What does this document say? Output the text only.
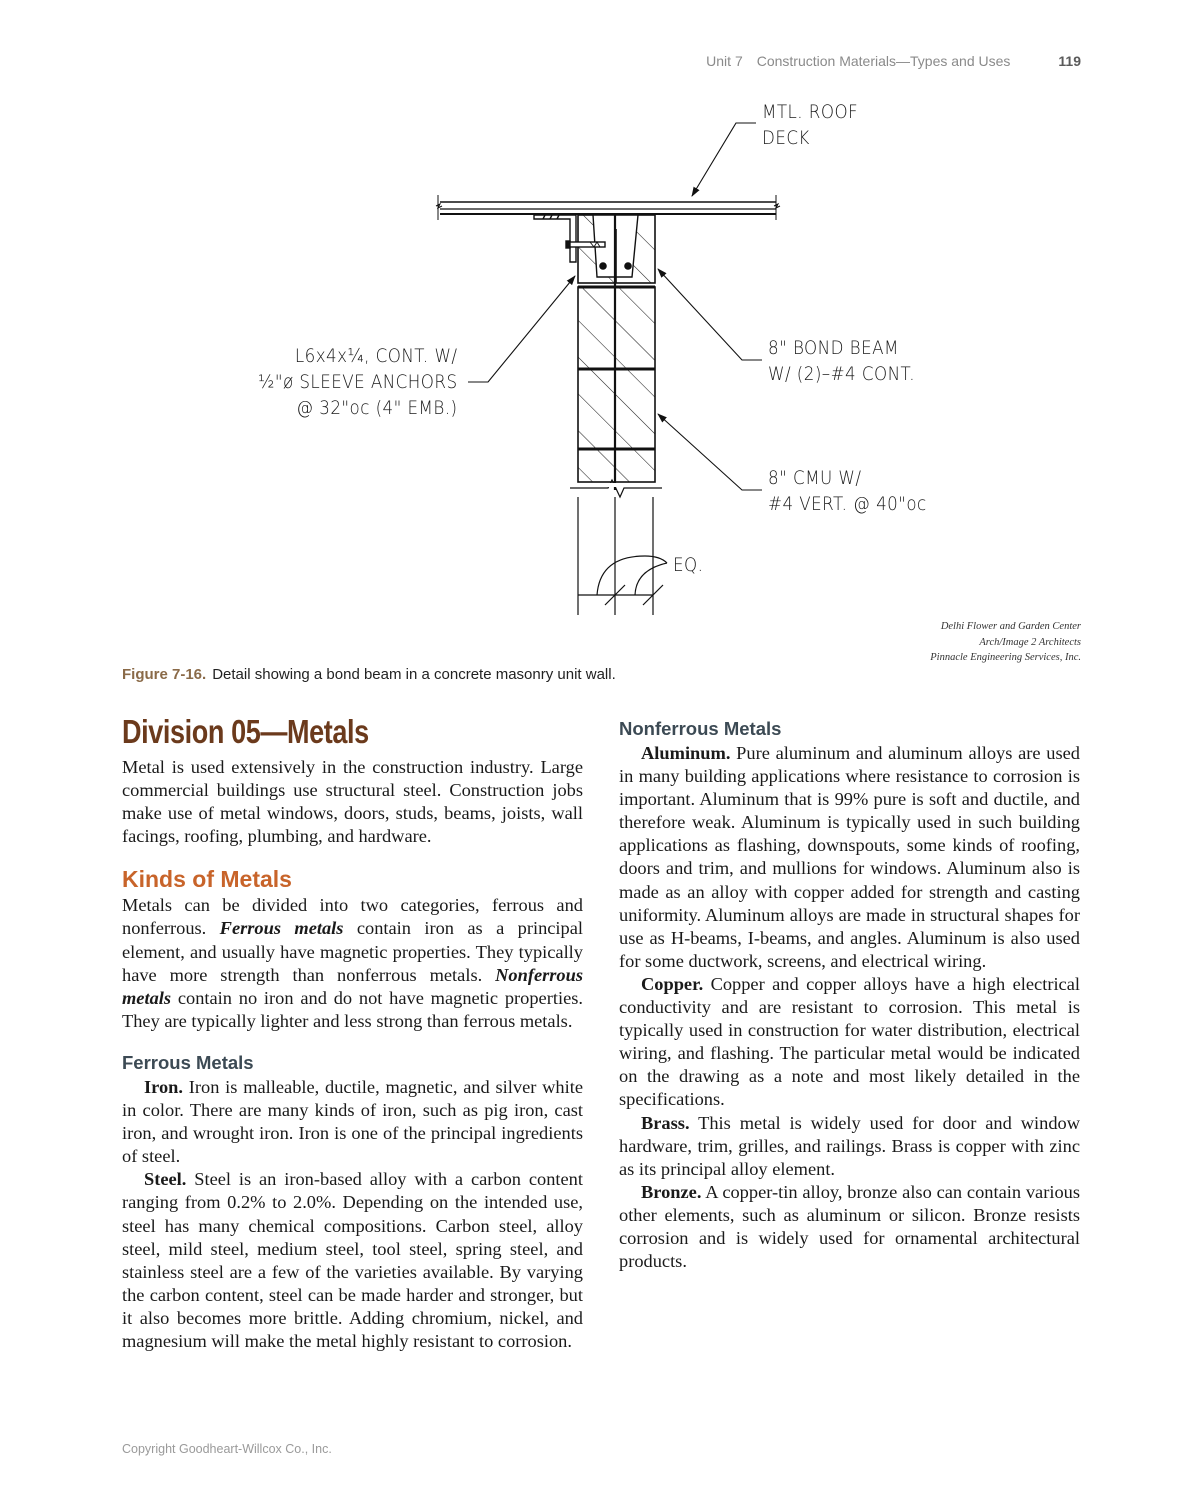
Unit 7 Construction Materials—Types and Uses	119
MTL. ROOF
DECK
L6x4x¼, CONT. W/
½"ø SLEEVE ANCHORS
@ 32"oc (4" EMB.)
8" BOND BEAM
W/ (2)–#4 CONT.
8" CMU W/
#4 VERT. @ 40"oc
EQ.
Delhi Flower and Garden Center
Arch/Image 2 Architects
Pinnacle Engineering Services, Inc.
Figure 7-16. Detail showing a bond beam in a concrete masonry unit wall.
Division 05—Metals

Metal is used extensively in the construction industry. Large commercial buildings use structural steel. Construction jobs make use of metal windows, doors, studs, beams, joists, wall facings, roofing, plumbing, and hardware.

Kinds of Metals

Metals can be divided into two categories, ferrous and nonferrous. Ferrous metals contain iron as a principal element, and usually have magnetic properties. They typically have more strength than nonferrous metals. Nonferrous metals contain no iron and do not have magnetic properties. They are typically lighter and less strong than ferrous metals.

Ferrous Metals

Iron. Iron is malleable, ductile, magnetic, and silver white in color. There are many kinds of iron, such as pig iron, cast iron, and wrought iron. Iron is one of the principal ingredients of steel.

Steel. Steel is an iron-based alloy with a carbon content ranging from 0.2% to 2.0%. Depending on the intended use, steel has many chemical compositions. Carbon steel, alloy steel, mild steel, medium steel, tool steel, spring steel, and stainless steel are a few of the varieties available. By varying the carbon content, steel can be made harder and stronger, but it also becomes more brittle. Adding chromium, nickel, and magnesium will make the metal highly resistant to corrosion.

Nonferrous Metals

Aluminum. Pure aluminum and aluminum alloys are used in many building applications where resistance to corrosion is important. Aluminum that is 99% pure is soft and ductile, and therefore weak. Aluminum is typically used in such building applications as flashing, downspouts, some kinds of roofing, doors and trim, and mullions for windows. Aluminum also is made as an alloy with copper added for strength and casting uniformity. Aluminum alloys are made in structural shapes for use as H-beams, I-beams, and angles. Aluminum is also used for some ductwork, screens, and electrical wiring.

Copper. Copper and copper alloys have a high electrical conductivity and are resistant to corrosion. This metal is typically used in construction for water distribution, electrical wiring, and flashing. The particular metal would be indicated on the drawing as a note and most likely detailed in the specifications.

Brass. This metal is widely used for door and window hardware, trim, grilles, and railings. Brass is copper with zinc as its principal alloy element.

Bronze. A copper-tin alloy, bronze also can contain various other elements, such as aluminum or silicon. Bronze resists corrosion and is widely used for ornamental architectural products.

Copyright Goodheart-Willcox Co., Inc.
